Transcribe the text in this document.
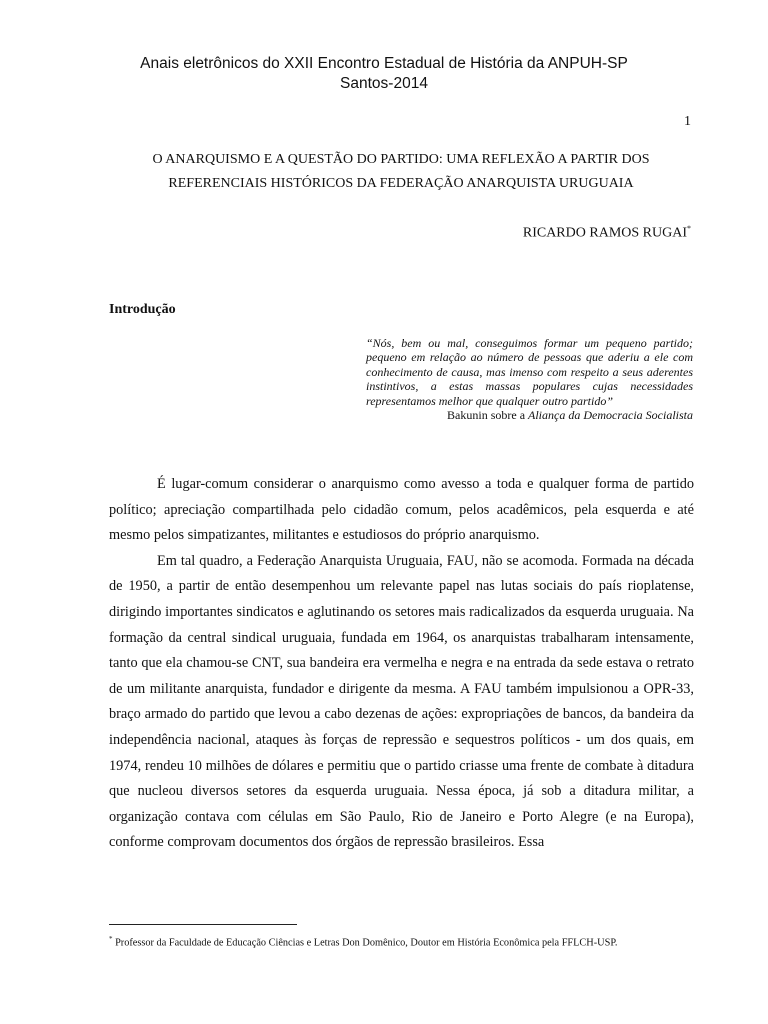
Anais eletrônicos do XXII Encontro Estadual de História da ANPUH-SP
Santos-2014
1
O ANARQUISMO E A QUESTÃO DO PARTIDO: UMA REFLEXÃO A PARTIR DOS
REFERENCIAIS HISTÓRICOS DA FEDERAÇÃO ANARQUISTA URUGUAIA
RICARDO RAMOS RUGAI*
Introdução
“Nós, bem ou mal, conseguimos formar um pequeno partido; pequeno em relação ao número de pessoas que aderiu a ele com conhecimento de causa, mas imenso com respeito a seus aderentes instintivos, a estas massas populares cujas necessidades representamos melhor que qualquer outro partido”
Bakunin sobre a Aliança da Democracia Socialista

É lugar-comum considerar o anarquismo como avesso a toda e qualquer forma de partido político; apreciação compartilhada pelo cidadão comum, pelos acadêmicos, pela esquerda e até mesmo pelos simpatizantes, militantes e estudiosos do próprio anarquismo.

Em tal quadro, a Federação Anarquista Uruguaia, FAU, não se acomoda. Formada na década de 1950, a partir de então desempenhou um relevante papel nas lutas sociais do país rioplatense, dirigindo importantes sindicatos e aglutinando os setores mais radicalizados da esquerda uruguaia. Na formação da central sindical uruguaia, fundada em 1964, os anarquistas trabalharam intensamente, tanto que ela chamou-se CNT, sua bandeira era vermelha e negra e na entrada da sede estava o retrato de um militante anarquista, fundador e dirigente da mesma. A FAU também impulsionou a OPR-33, braço armado do partido que levou a cabo dezenas de ações: expropriações de bancos, da bandeira da independência nacional, ataques às forças de repressão e sequestros políticos - um dos quais, em 1974, rendeu 10 milhões de dólares e permitiu que o partido criasse uma frente de combate à ditadura que nucleou diversos setores da esquerda uruguaia. Nessa época, já sob a ditadura militar, a organização contava com células em São Paulo, Rio de Janeiro e Porto Alegre (e na Europa), conforme comprovam documentos dos órgãos de repressão brasileiros. Essa

* Professor da Faculdade de Educação Ciências e Letras Don Domênico, Doutor em História Econômica pela FFLCH-USP.
